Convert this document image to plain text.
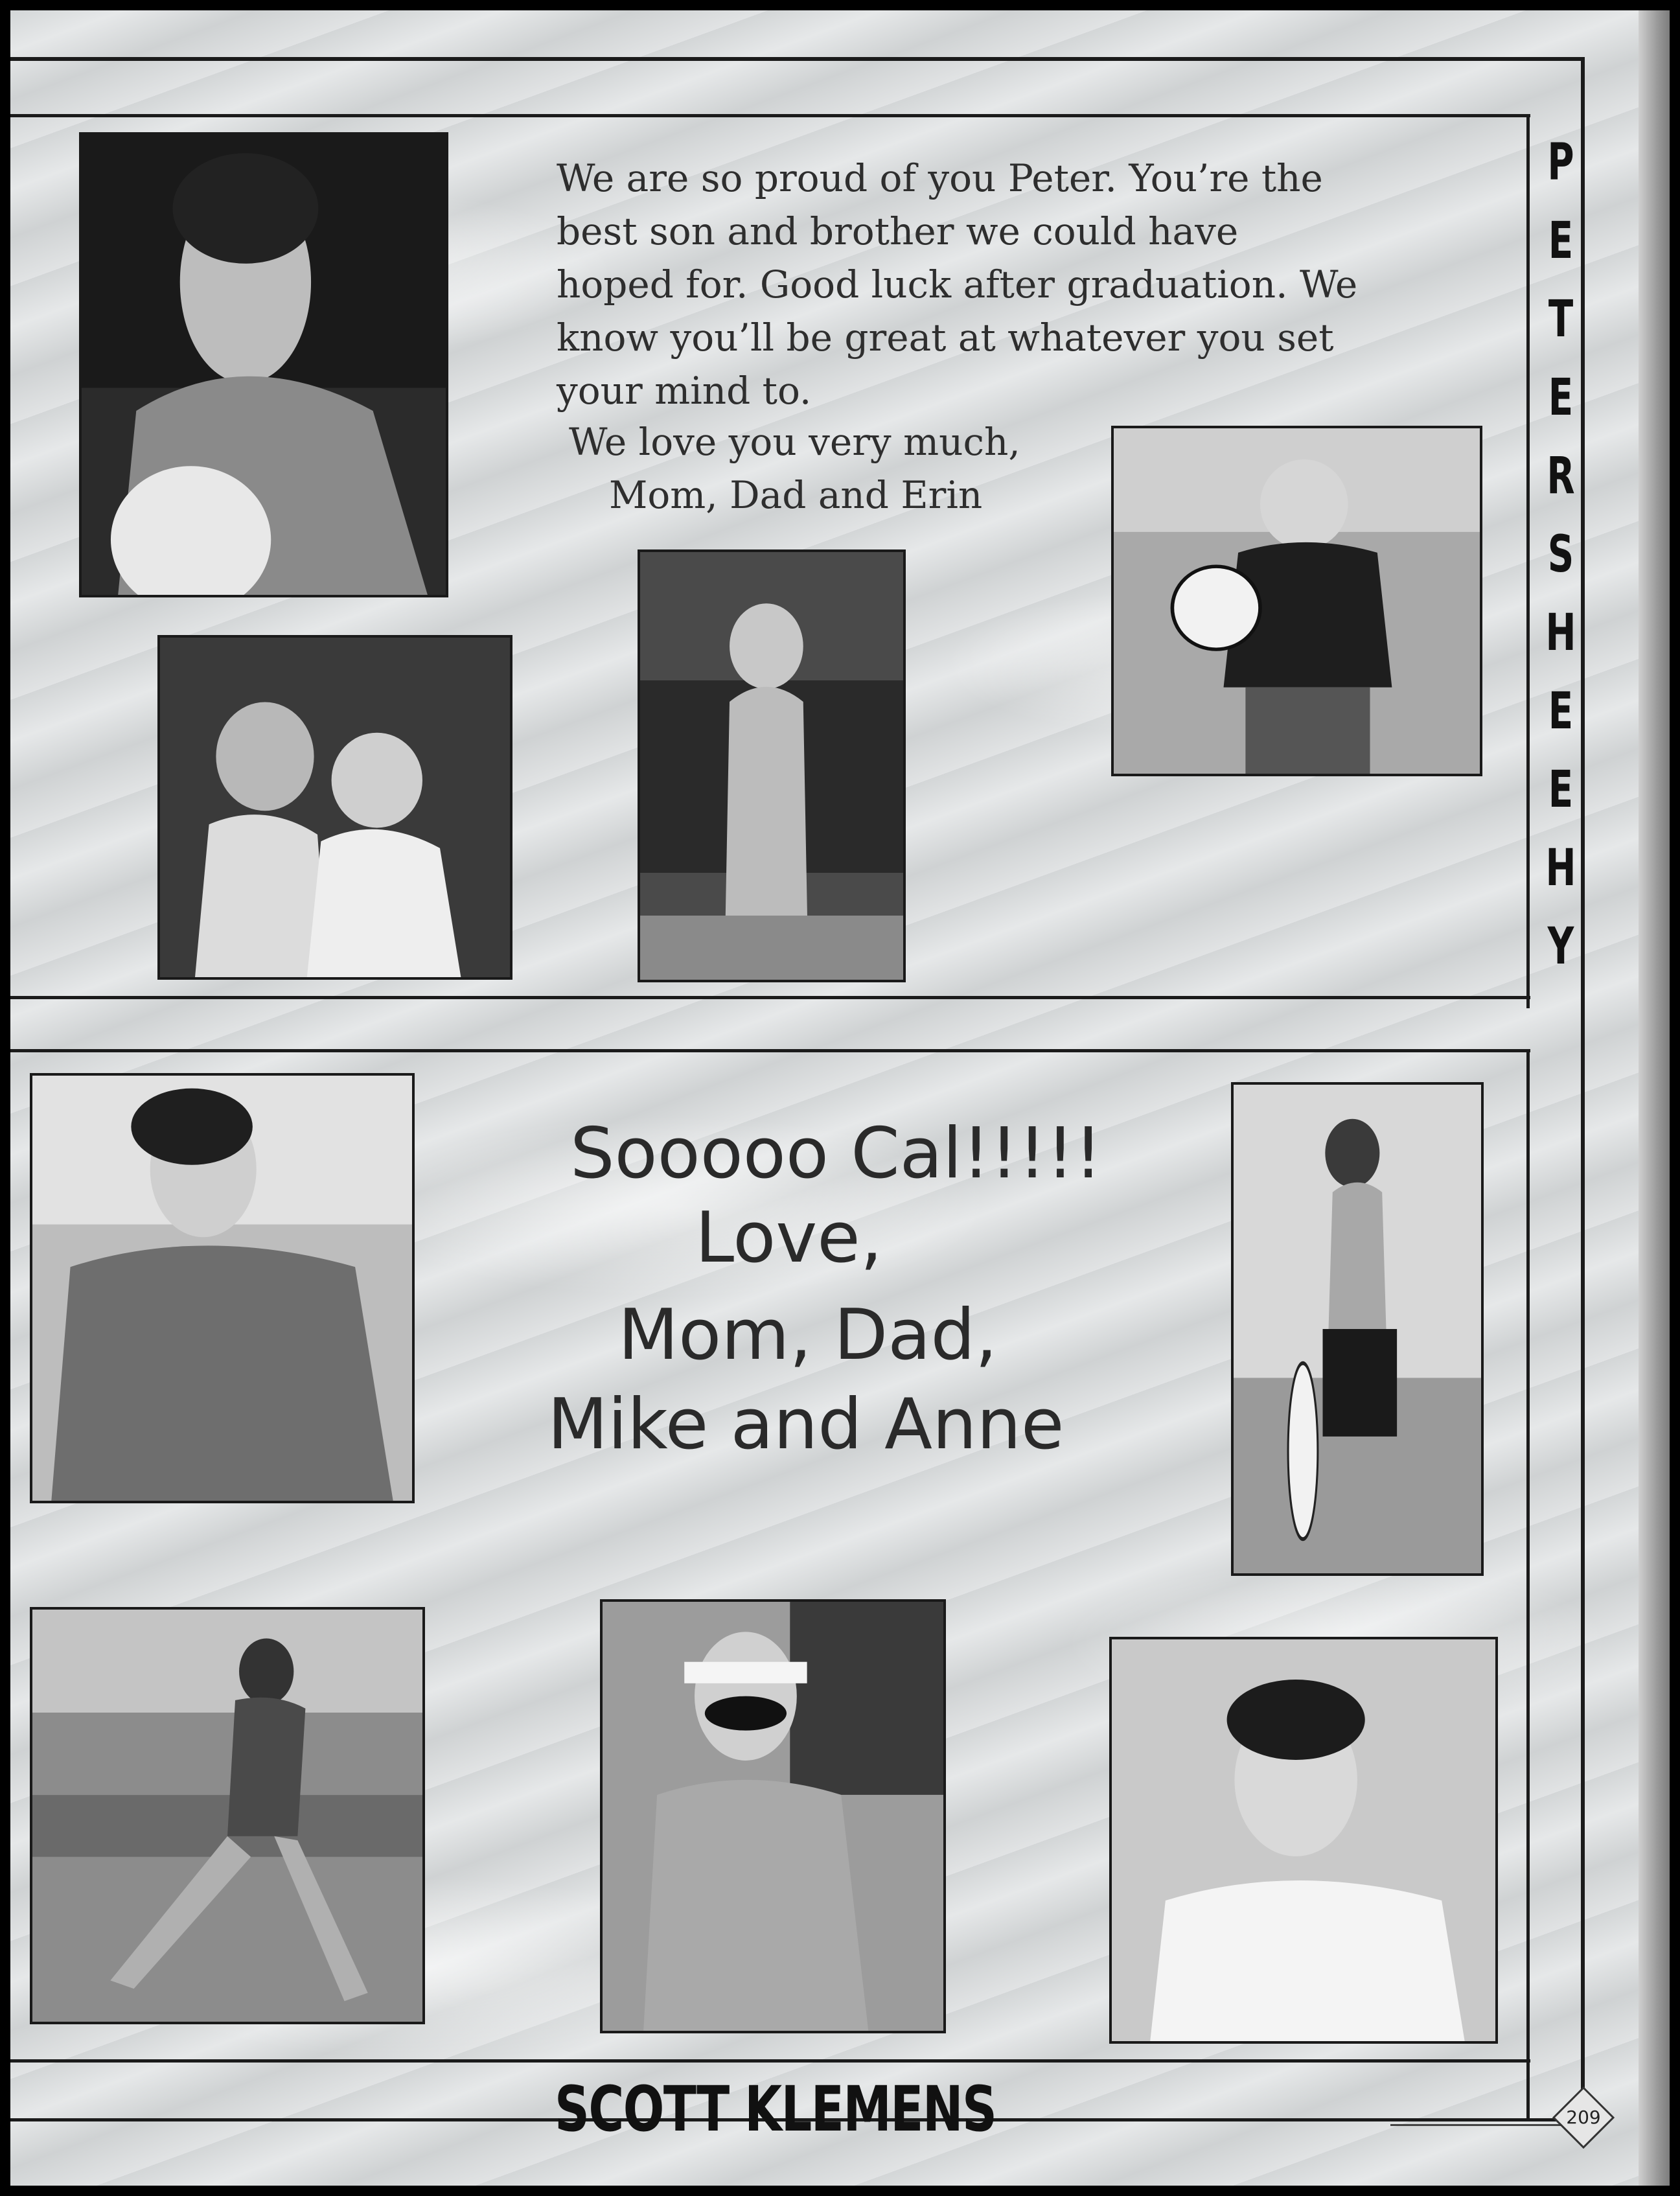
We are so proud of you Peter. You’re the
best son and brother we could have
hoped for. Good luck after graduation. We
know you’ll be great at whatever you set
your mind to.
We love you very much,
Mom, Dad and Erin
P
E
T
E
R
S
H
E
E
H
Y
Sooooo Cal!!!!!
Love,
Mom, Dad,
Mike and Anne
SCOTT KLEMENS	209
